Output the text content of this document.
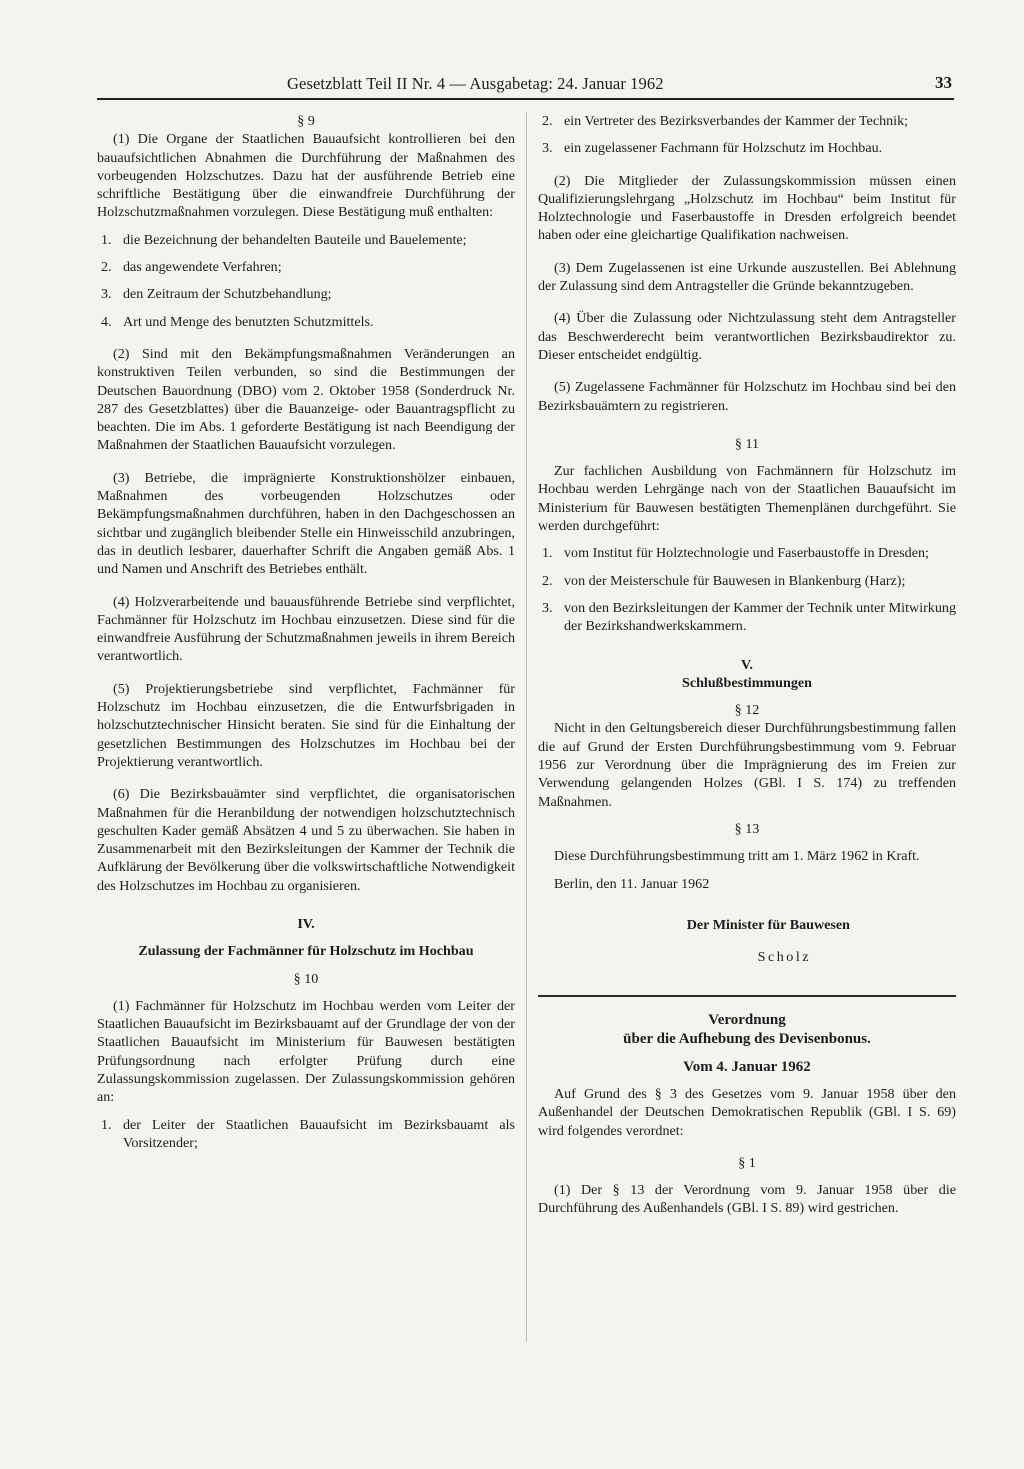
Gesetzblatt Teil II Nr. 4 — Ausgabetag: 24. Januar 1962	33

§ 9

(1) Die Organe der Staatlichen Bauaufsicht kontrollieren bei den bauaufsichtlichen Abnahmen die Durchführung der Maßnahmen des vorbeugenden Holzschutzes. Dazu hat der ausführende Betrieb eine schriftliche Bestätigung über die einwandfreie Durchführung der Holzschutzmaßnahmen vorzulegen. Diese Bestätigung muß enthalten:

1. die Bezeichnung der behandelten Bauteile und Bauelemente;
2. das angewendete Verfahren;
3. den Zeitraum der Schutzbehandlung;
4. Art und Menge des benutzten Schutzmittels.

(2) Sind mit den Bekämpfungsmaßnahmen Veränderungen an konstruktiven Teilen verbunden, so sind die Bestimmungen der Deutschen Bauordnung (DBO) vom 2. Oktober 1958 (Sonderdruck Nr. 287 des Gesetzblattes) über die Bauanzeige- oder Bauantragspflicht zu beachten. Die im Abs. 1 geforderte Bestätigung ist nach Beendigung der Maßnahmen der Staatlichen Bauaufsicht vorzulegen.

(3) Betriebe, die imprägnierte Konstruktionshölzer einbauen, Maßnahmen des vorbeugenden Holzschutzes oder Bekämpfungsmaßnahmen durchführen, haben in den Dachgeschossen an sichtbar und zugänglich bleibender Stelle ein Hinweisschild anzubringen, das in deutlich lesbarer, dauerhafter Schrift die Angaben gemäß Abs. 1 und Namen und Anschrift des Betriebes enthält.

(4) Holzverarbeitende und bauausführende Betriebe sind verpflichtet, Fachmänner für Holzschutz im Hochbau einzusetzen. Diese sind für die einwandfreie Ausführung der Schutzmaßnahmen jeweils in ihrem Bereich verantwortlich.

(5) Projektierungsbetriebe sind verpflichtet, Fachmänner für Holzschutz im Hochbau einzusetzen, die die Entwurfsbrigaden in holzschutztechnischer Hinsicht beraten. Sie sind für die Einhaltung der gesetzlichen Bestimmungen des Holzschutzes im Hochbau bei der Projektierung verantwortlich.

(6) Die Bezirksbauämter sind verpflichtet, die organisatorischen Maßnahmen für die Heranbildung der notwendigen holzschutztechnisch geschulten Kader gemäß Absätzen 4 und 5 zu überwachen. Sie haben in Zusammenarbeit mit den Bezirksleitungen der Kammer der Technik die Aufklärung der Bevölkerung über die volkswirtschaftliche Notwendigkeit des Holzschutzes im Hochbau zu organisieren.

IV.

Zulassung der Fachmänner für Holzschutz im Hochbau

§ 10

(1) Fachmänner für Holzschutz im Hochbau werden vom Leiter der Staatlichen Bauaufsicht im Bezirksbauamt auf der Grundlage der von der Staatlichen Bauaufsicht im Ministerium für Bauwesen bestätigten Prüfungsordnung nach erfolgter Prüfung durch eine Zulassungskommission zugelassen. Der Zulassungskommission gehören an:

1. der Leiter der Staatlichen Bauaufsicht im Bezirksbauamt als Vorsitzender;
2. ein Vertreter des Bezirksverbandes der Kammer der Technik;
3. ein zugelassener Fachmann für Holzschutz im Hochbau.

(2) Die Mitglieder der Zulassungskommission müssen einen Qualifizierungslehrgang „Holzschutz im Hochbau“ beim Institut für Holztechnologie und Faserbaustoffe in Dresden erfolgreich beendet haben oder eine gleichartige Qualifikation nachweisen.

(3) Dem Zugelassenen ist eine Urkunde auszustellen. Bei Ablehnung der Zulassung sind dem Antragsteller die Gründe bekanntzugeben.

(4) Über die Zulassung oder Nichtzulassung steht dem Antragsteller das Beschwerderecht beim verantwortlichen Bezirksbaudirektor zu. Dieser entscheidet endgültig.

(5) Zugelassene Fachmänner für Holzschutz im Hochbau sind bei den Bezirksbauämtern zu registrieren.

§ 11

Zur fachlichen Ausbildung von Fachmännern für Holzschutz im Hochbau werden Lehrgänge nach von der Staatlichen Bauaufsicht im Ministerium für Bauwesen bestätigten Themenplänen durchgeführt. Sie werden durchgeführt:

1. vom Institut für Holztechnologie und Faserbaustoffe in Dresden;
2. von der Meisterschule für Bauwesen in Blankenburg (Harz);
3. von den Bezirksleitungen der Kammer der Technik unter Mitwirkung der Bezirkshandwerkskammern.

V.

Schlußbestimmungen

§ 12

Nicht in den Geltungsbereich dieser Durchführungsbestimmung fallen die auf Grund der Ersten Durchführungsbestimmung vom 9. Februar 1956 zur Verordnung über die Imprägnierung des im Freien zur Verwendung gelangenden Holzes (GBl. I S. 174) zu treffenden Maßnahmen.

§ 13

Diese Durchführungsbestimmung tritt am 1. März 1962 in Kraft.

Berlin, den 11. Januar 1962

Der Minister für Bauwesen

Scholz

Verordnung

über die Aufhebung des Devisenbonus.

Vom 4. Januar 1962

Auf Grund des § 3 des Gesetzes vom 9. Januar 1958 über den Außenhandel der Deutschen Demokratischen Republik (GBl. I S. 69) wird folgendes verordnet:

§ 1

(1) Der § 13 der Verordnung vom 9. Januar 1958 über die Durchführung des Außenhandels (GBl. I S. 89) wird gestrichen.
